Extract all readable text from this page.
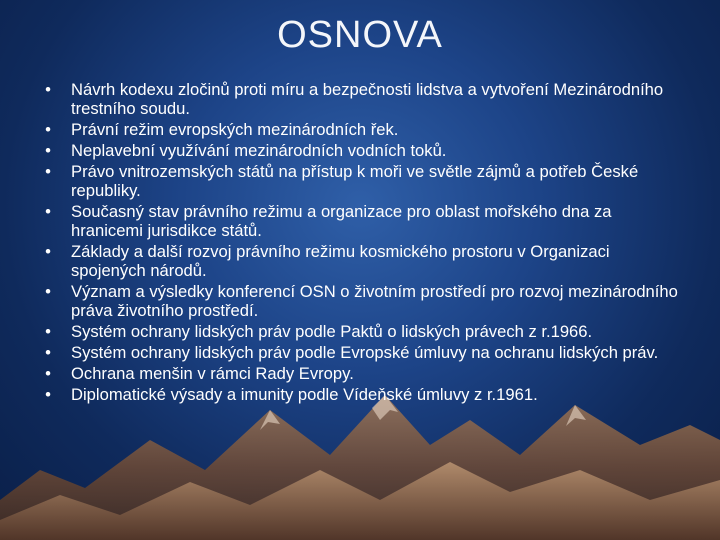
OSNOVA
•	Návrh kodexu zločinů proti míru a bezpečnosti lidstva a vytvoření Mezinárodního trestního soudu.
•	Právní režim evropských mezinárodních řek.
•	Neplavební využívání mezinárodních vodních toků.
•	Právo vnitrozemských států na přístup k moři ve světle zájmů a potřeb České republiky.
•	Současný stav právního režimu a organizace pro oblast mořského dna za hranicemi jurisdikce států.
•	Základy a další rozvoj právního režimu kosmického prostoru v Organizaci spojených národů.
•	Význam a výsledky konferencí OSN o životním prostředí pro rozvoj mezinárodního práva životního prostředí.
•	Systém ochrany lidských práv podle Paktů o lidských právech z r.1966.
•	Systém ochrany lidských práv podle Evropské úmluvy na ochranu lidských práv.
•	Ochrana menšin v rámci Rady Evropy.
•	Diplomatické výsady a imunity podle Vídeňské úmluvy z r.1961.
